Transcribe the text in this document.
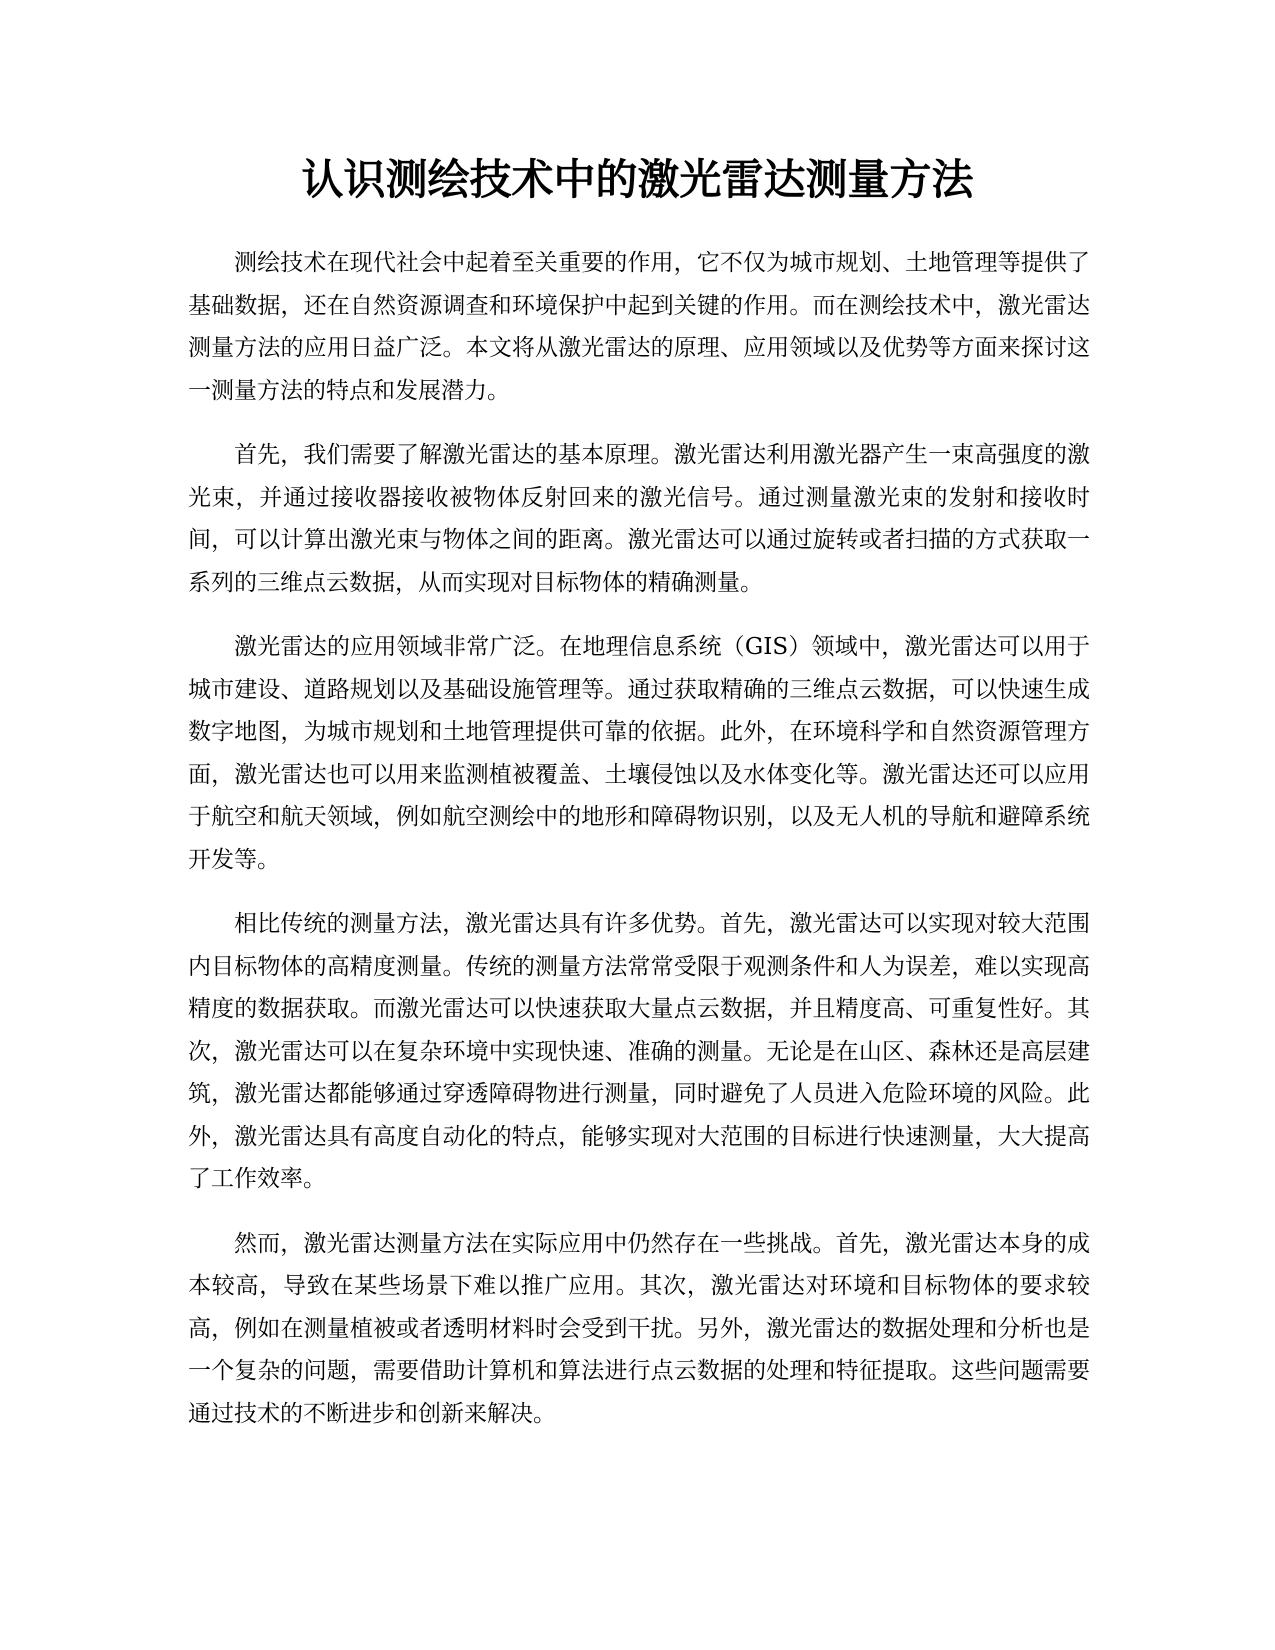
认识测绘技术中的激光雷达测量方法

测绘技术在现代社会中起着至关重要的作用，它不仅为城市规划、土地管理等提供了基础数据，还在自然资源调查和环境保护中起到关键的作用。而在测绘技术中，激光雷达测量方法的应用日益广泛。本文将从激光雷达的原理、应用领域以及优势等方面来探讨这一测量方法的特点和发展潜力。

首先，我们需要了解激光雷达的基本原理。激光雷达利用激光器产生一束高强度的激光束，并通过接收器接收被物体反射回来的激光信号。通过测量激光束的发射和接收时间，可以计算出激光束与物体之间的距离。激光雷达可以通过旋转或者扫描的方式获取一系列的三维点云数据，从而实现对目标物体的精确测量。

激光雷达的应用领域非常广泛。在地理信息系统（GIS）领域中，激光雷达可以用于城市建设、道路规划以及基础设施管理等。通过获取精确的三维点云数据，可以快速生成数字地图，为城市规划和土地管理提供可靠的依据。此外，在环境科学和自然资源管理方面，激光雷达也可以用来监测植被覆盖、土壤侵蚀以及水体变化等。激光雷达还可以应用于航空和航天领域，例如航空测绘中的地形和障碍物识别，以及无人机的导航和避障系统开发等。

相比传统的测量方法，激光雷达具有许多优势。首先，激光雷达可以实现对较大范围内目标物体的高精度测量。传统的测量方法常常受限于观测条件和人为误差，难以实现高精度的数据获取。而激光雷达可以快速获取大量点云数据，并且精度高、可重复性好。其次，激光雷达可以在复杂环境中实现快速、准确的测量。无论是在山区、森林还是高层建筑，激光雷达都能够通过穿透障碍物进行测量，同时避免了人员进入危险环境的风险。此外，激光雷达具有高度自动化的特点，能够实现对大范围的目标进行快速测量，大大提高了工作效率。

然而，激光雷达测量方法在实际应用中仍然存在一些挑战。首先，激光雷达本身的成本较高，导致在某些场景下难以推广应用。其次，激光雷达对环境和目标物体的要求较高，例如在测量植被或者透明材料时会受到干扰。另外，激光雷达的数据处理和分析也是一个复杂的问题，需要借助计算机和算法进行点云数据的处理和特征提取。这些问题需要通过技术的不断进步和创新来解决。
